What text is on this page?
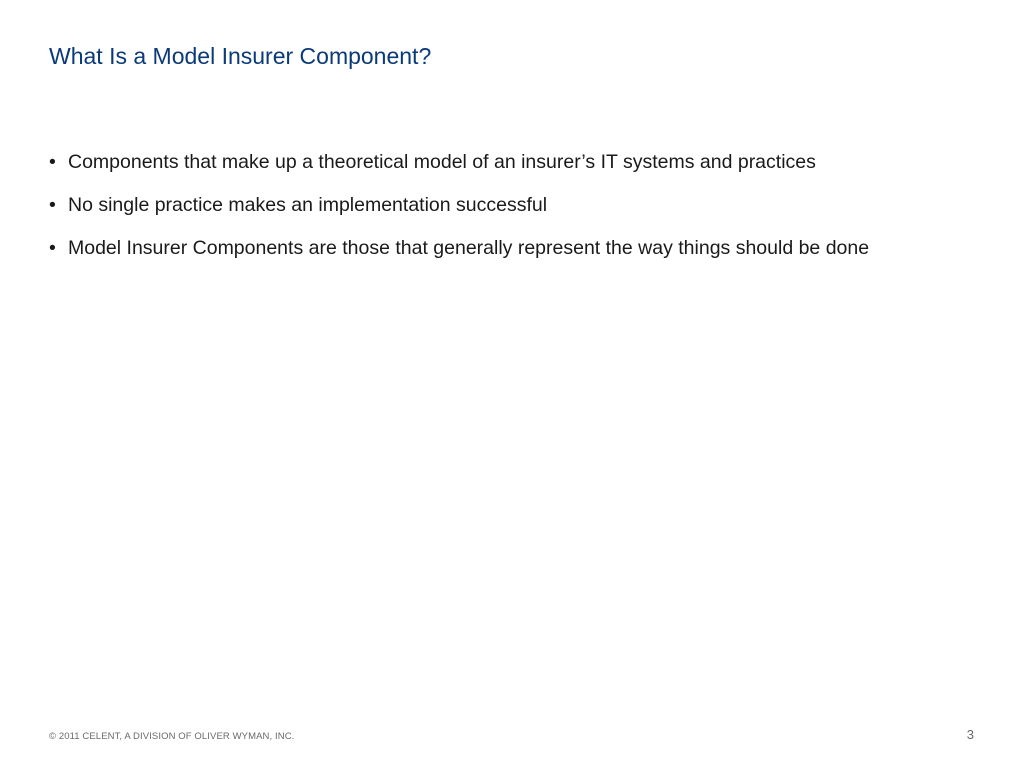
What Is a Model Insurer Component?
• Components that make up a theoretical model of an insurer’s IT systems and practices
• No single practice makes an implementation successful
• Model Insurer Components are those that generally represent the way things should be done
© 2011 CELENT, A DIVISION OF OLIVER WYMAN, INC.	3
